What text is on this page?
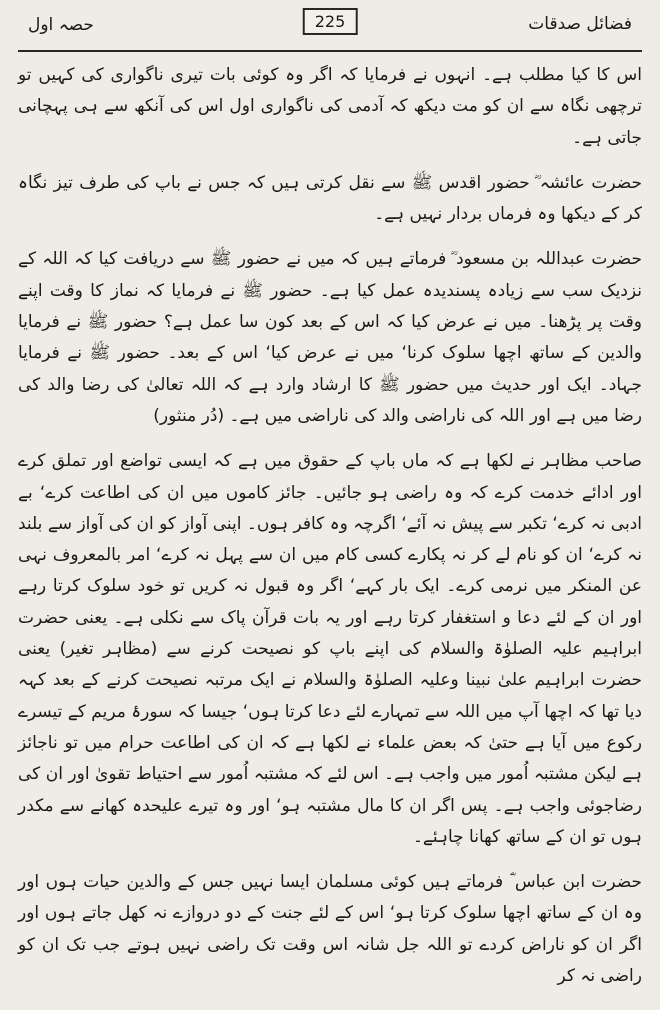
فضائل صدقات
225
حصہ اول

اس کا کیا مطلب ہے۔ انہوں نے فرمایا کہ اگر وہ کوئی بات تیری ناگواری کی کہیں تو ترچھی نگاہ سے ان کو مت دیکھ کہ آدمی کی ناگواری اول اس کی آنکھ سے ہی پہچانی جاتی ہے۔

حضرت عائشہ ؓ حضور اقدس ﷺ سے نقل کرتی ہیں کہ جس نے باپ کی طرف تیز نگاہ کر کے دیکھا وہ فرماں بردار نہیں ہے۔

حضرت عبداللہ بن مسعود ؓ فرماتے ہیں کہ میں نے حضور ﷺ سے دریافت کیا کہ اللہ کے نزدیک سب سے زیادہ پسندیدہ عمل کیا ہے۔ حضور ﷺ نے فرمایا کہ نماز کا وقت اپنے وقت پر پڑھنا۔ میں نے عرض کیا کہ اس کے بعد کون سا عمل ہے؟ حضور ﷺ نے فرمایا والدین کے ساتھ اچھا سلوک کرنا‘ میں نے عرض کیا‘ اس کے بعد۔ حضور ﷺ نے فرمایا جہاد۔ ایک اور حدیث میں حضور ﷺ کا ارشاد وارد ہے کہ اللہ تعالیٰ کی رضا والد کی رضا میں ہے اور اللہ کی ناراضی والد کی ناراضی میں ہے۔ (دُر منثور)

صاحب مظاہر نے لکھا ہے کہ ماں باپ کے حقوق میں ہے کہ ایسی تواضع اور تملق کرے اور ادائے خدمت کرے کہ وہ راضی ہو جائیں۔ جائز کاموں میں ان کی اطاعت کرے‘ بے ادبی نہ کرے‘ تکبر سے پیش نہ آئے‘ اگرچہ وہ کافر ہوں۔ اپنی آواز کو ان کی آواز سے بلند نہ کرے‘ ان کو نام لے کر نہ پکارے کسی کام میں ان سے پہل نہ کرے‘ امر بالمعروف نہی عن المنکر میں نرمی کرے۔ ایک بار کہے‘ اگر وہ قبول نہ کریں تو خود سلوک کرتا رہے اور ان کے لئے دعا و استغفار کرتا رہے اور یہ بات قرآن پاک سے نکلی ہے۔ یعنی حضرت ابراہیم علیہ الصلوٰۃ والسلام کی اپنے باپ کو نصیحت کرنے سے (مظاہر تغیر) یعنی حضرت ابراہیم علیٰ نبینا وعلیہ الصلوٰۃ والسلام نے ایک مرتبہ نصیحت کرنے کے بعد کہہ دیا تھا کہ اچھا آپ میں اللہ سے تمہارے لئے دعا کرتا ہوں‘ جیسا کہ سورۂ مریم کے تیسرے رکوع میں آیا ہے حتیٰ کہ بعض علماء نے لکھا ہے کہ ان کی اطاعت حرام میں تو ناجائز ہے لیکن مشتبہ اُمور میں واجب ہے۔ اس لئے کہ مشتبہ اُمور سے احتیاط تقویٰ اور ان کی رضاجوئی واجب ہے۔ پس اگر ان کا مال مشتبہ ہو‘ اور وہ تیرے علیحدہ کھانے سے مکدر ہوں تو ان کے ساتھ کھانا چاہئے۔

حضرت ابن عباس ؓ فرماتے ہیں کوئی مسلمان ایسا نہیں جس کے والدین حیات ہوں اور وہ ان کے ساتھ اچھا سلوک کرتا ہو‘ اس کے لئے جنت کے دو دروازے نہ کھل جاتے ہوں اور اگر ان کو ناراض کردے تو اللہ جل شانہ اس وقت تک راضی نہیں ہوتے جب تک ان کو راضی نہ کر
